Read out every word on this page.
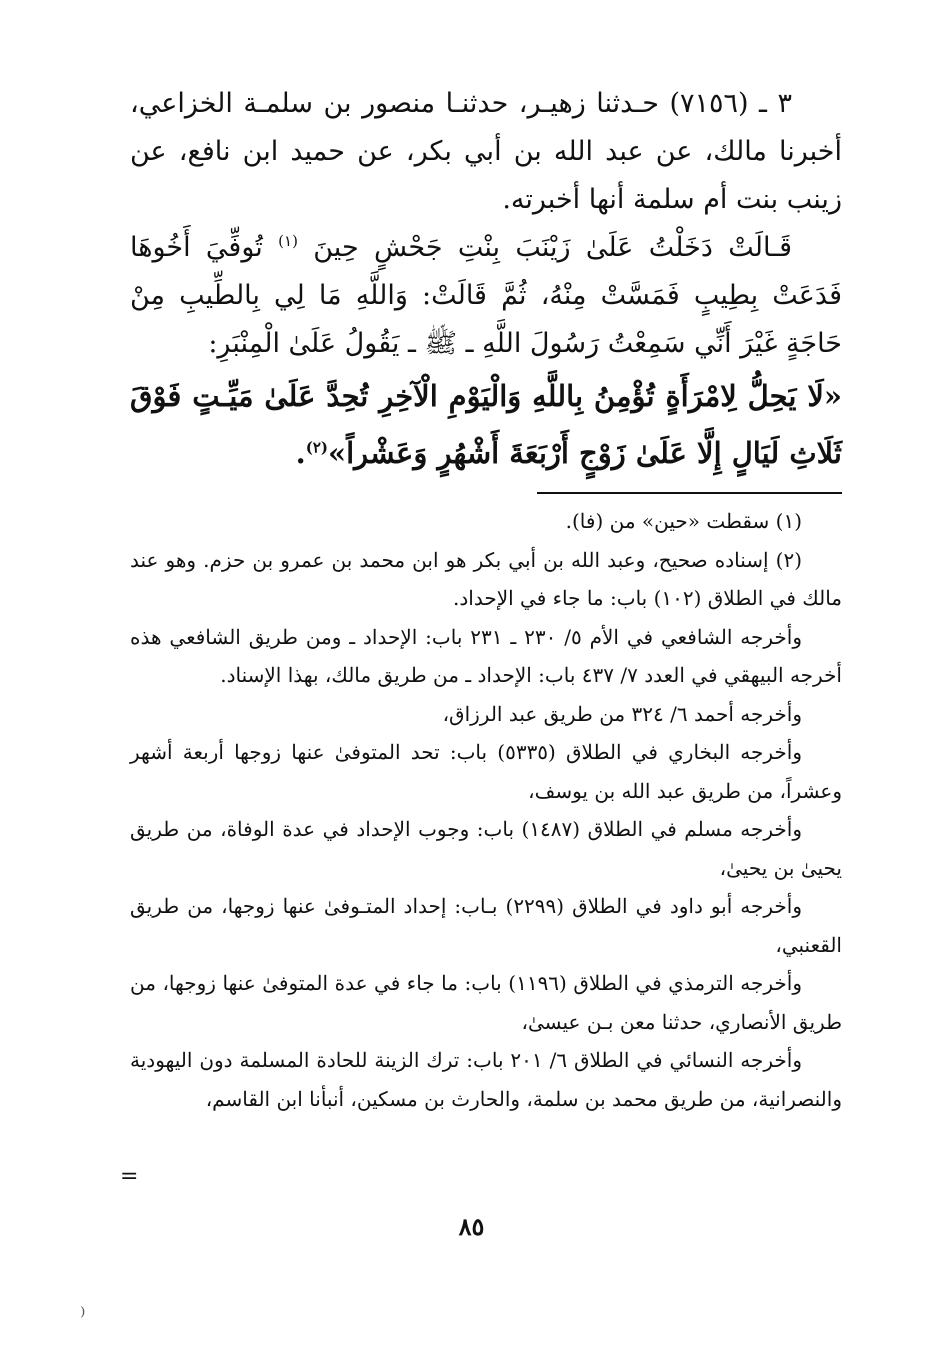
٣ ـ (٧١٥٦) حـدثنا زهيـر، حدثنـا منصور بن سلمـة الخزاعي، أخبرنا مالك، عن عبد الله بن أبي بكر، عن حميد ابن نافع، عن زينب بنت أم سلمة أنها أخبرته.

قَـالَتْ دَخَلْتُ عَلَىٰ زَيْنَبَ بِنْتِ جَحْشٍ حِينَ $^{(١)}$ تُوفِّيَ أَخُوهَا فَدَعَتْ بِطِيبٍ فَمَسَّتْ مِنْهُ، ثُمَّ قَالَتْ: وَاللَّهِ مَا لِي بِالطِّيبِ مِنْ حَاجَةٍ غَيْرَ أَنِّي سَمِعْتُ رَسُولَ اللَّهِ ـ ﷺ ـ يَقُولُ عَلَىٰ الْمِنْبَرِ:

«لَا يَحِلُّ لِامْرَأَةٍ تُؤْمِنُ بِاللَّهِ وَالْيَوْمِ الْآخِرِ تُحِدَّ عَلَىٰ مَيِّـتٍ فَوْقَ ثَلَاثِ لَيَالٍ إِلَّا عَلَىٰ زَوْجٍ أَرْبَعَةَ أَشْهُرٍ وَعَشْراً»$^{(٢)}$.

(١) سقطت «حين» من (فا).

(٢) إسناده صحيح، وعبد الله بن أبي بكر هو ابن محمد بن عمرو بن حزم. وهو عند مالك في الطلاق (١٠٢) باب: ما جاء في الإحداد.

وأخرجه الشافعي في الأم ٥/ ٢٣٠ ـ ٢٣١ باب: الإحداد ـ ومن طريق الشافعي هذه أخرجه البيهقي في العدد ٧/ ٤٣٧ باب: الإحداد ـ من طريق مالك، بهذا الإسناد.

وأخرجه أحمد ٦/ ٣٢٤ من طريق عبد الرزاق،

وأخرجه البخاري في الطلاق (٥٣٣٥) باب: تحد المتوفىٰ عنها زوجها أربعة أشهر وعشراً، من طريق عبد الله بن يوسف،

وأخرجه مسلم في الطلاق (١٤٨٧) باب: وجوب الإحداد في عدة الوفاة، من طريق يحيىٰ بن يحيىٰ،

وأخرجه أبو داود في الطلاق (٢٢٩٩) بـاب: إحداد المتـوفىٰ عنها زوجها، من طريق القعنبي،

وأخرجه الترمذي في الطلاق (١١٩٦) باب: ما جاء في عدة المتوفىٰ عنها زوجها، من طريق الأنصاري، حدثنا معن بـن عيسىٰ،

وأخرجه النسائي في الطلاق ٦/ ٢٠١ باب: ترك الزينة للحادة المسلمة دون اليهودية والنصرانية، من طريق محمد بن سلمة، والحارث بن مسكين، أنبأنا ابن القاسم،

=
٨٥
⁾
